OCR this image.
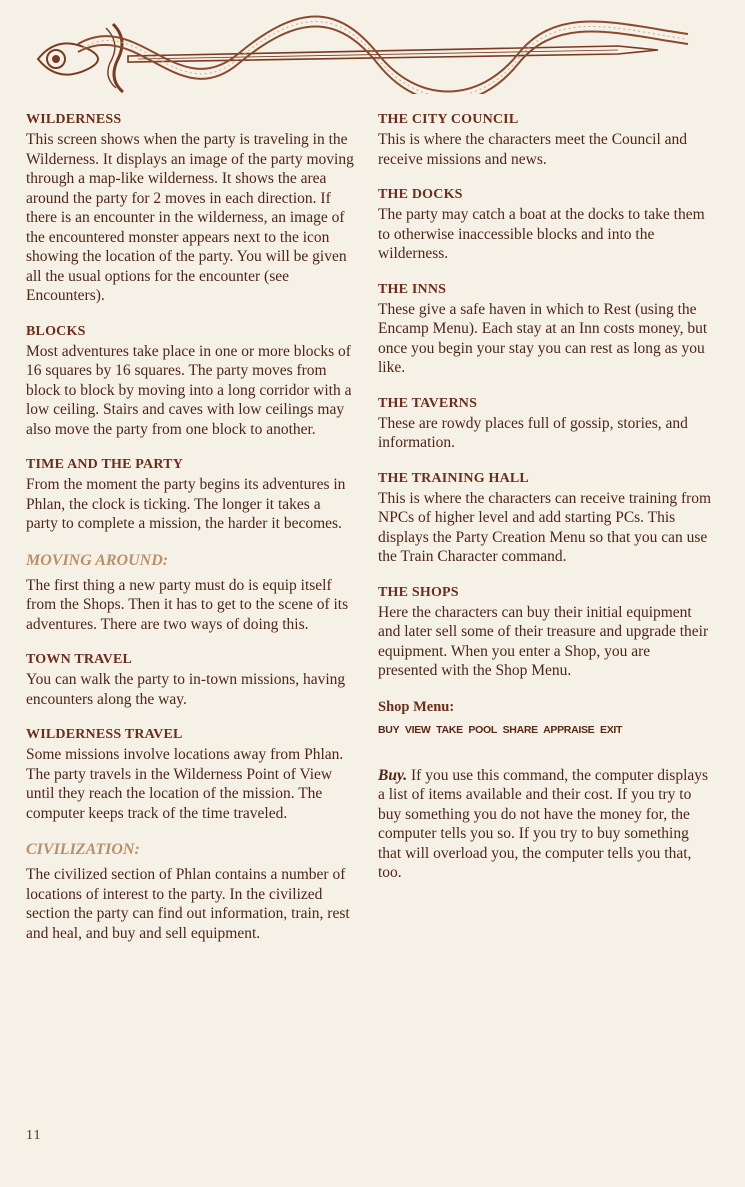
WILDERNESS

This screen shows when the party is traveling in the Wilderness. It displays an image of the party moving through a map-like wilderness. It shows the area around the party for 2 moves in each direction. If there is an encounter in the wilderness, an image of the encountered monster appears next to the icon showing the location of the party. You will be given all the usual options for the encounter (see Encounters).

BLOCKS

Most adventures take place in one or more blocks of 16 squares by 16 squares. The party moves from block to block by moving into a long corridor with a low ceiling. Stairs and caves with low ceilings may also move the party from one block to another.

TIME AND THE PARTY

From the moment the party begins its adventures in Phlan, the clock is ticking. The longer it takes a party to complete a mission, the harder it becomes.

MOVING AROUND:

The first thing a new party must do is equip itself from the Shops. Then it has to get to the scene of its adventures. There are two ways of doing this.

TOWN TRAVEL

You can walk the party to in-town missions, having encounters along the way.

WILDERNESS TRAVEL

Some missions involve locations away from Phlan. The party travels in the Wilderness Point of View until they reach the location of the mission. The computer keeps track of the time traveled.

CIVILIZATION:

The civilized section of Phlan contains a number of locations of interest to the party. In the civilized section the party can find out information, train, rest and heal, and buy and sell equipment.

THE CITY COUNCIL

This is where the characters meet the Council and receive missions and news.

THE DOCKS

The party may catch a boat at the docks to take them to otherwise inaccessible blocks and into the wilderness.

THE INNS

These give a safe haven in which to Rest (using the Encamp Menu). Each stay at an Inn costs money, but once you begin your stay you can rest as long as you like.

THE TAVERNS

These are rowdy places full of gossip, stories, and information.

THE TRAINING HALL

This is where the characters can receive training from NPCs of higher level and add starting PCs. This displays the Party Creation Menu so that you can use the Train Character command.

THE SHOPS

Here the characters can buy their initial equipment and later sell some of their treasure and upgrade their equipment. When you enter a Shop, you are presented with the Shop Menu.

Shop Menu:
BUY VIEW TAKE POOL SHARE APPRAISE EXIT

Buy. If you use this command, the computer displays a list of items available and their cost. If you try to buy something you do not have the money for, the computer tells you so. If you try to buy something that will overload you, the computer tells you that, too.

11
